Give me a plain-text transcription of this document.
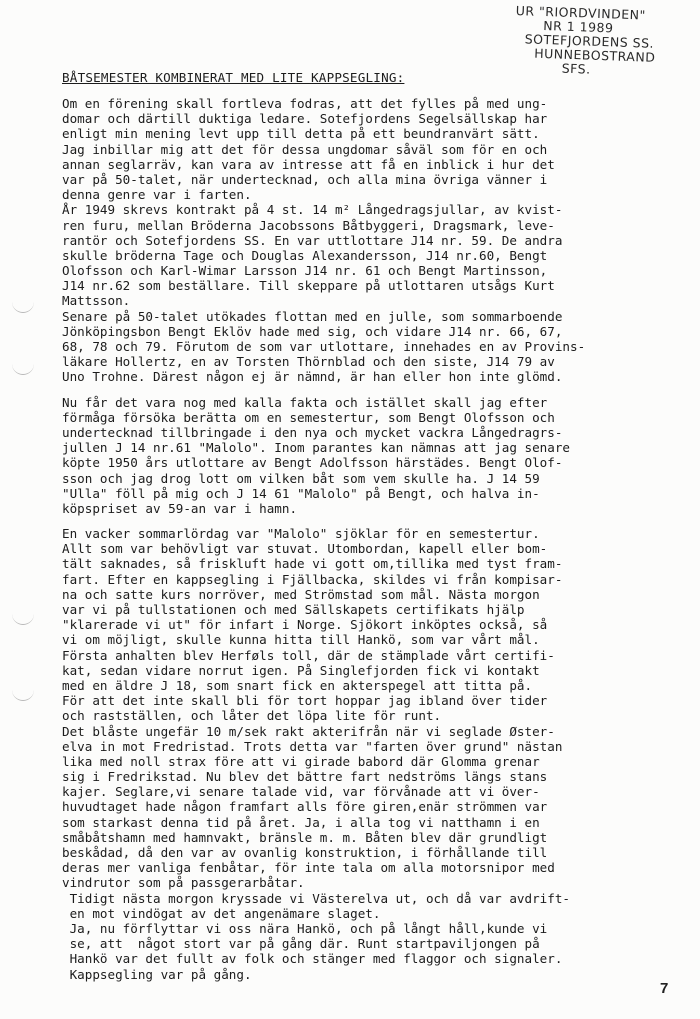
UR "RIORDVINDEN"
NR 1 1989
SOTEFJORDENS SS.
HUNNEBOSTRAND
SFS.
BÅTSEMESTER KOMBINERAT MED LITE KAPPSEGLING:
Om en förening skall fortleva fodras, att det fylles på med ung-
domar och därtill duktiga ledare. Sotefjordens Segelsällskap har
enligt min mening levt upp till detta på ett beundranvärt sätt.
Jag inbillar mig att det för dessa ungdomar såväl som för en och
annan seglarräv, kan vara av intresse att få en inblick i hur det
var på 50-talet, när undertecknad, och alla mina övriga vänner i
denna genre var i farten.
År 1949 skrevs kontrakt på 4 st. 14 m² Långedragsjullar, av kvist-
ren furu, mellan Bröderna Jacobssons Båtbyggeri, Dragsmark, leve-
rantör och Sotefjordens SS. En var uttlottare J14 nr. 59. De andra
skulle bröderna Tage och Douglas Alexandersson, J14 nr.60, Bengt
Olofsson och Karl-Wimar Larsson J14 nr. 61 och Bengt Martinsson,
J14 nr.62 som beställare. Till skeppare på utlottaren utsågs Kurt
Mattsson.
Senare på 50-talet utökades flottan med en julle, som sommarboende
Jönköpingsbon Bengt Eklöv hade med sig, och vidare J14 nr. 66, 67,
68, 78 och 79. Förutom de som var utlottare, innehades en av Provins-
läkare Hollertz, en av Torsten Thörnblad och den siste, J14 79 av
Uno Trohne. Därest någon ej är nämnd, är han eller hon inte glömd.
Nu får det vara nog med kalla fakta och istället skall jag efter
förmåga försöka berätta om en semestertur, som Bengt Olofsson och
undertecknad tillbringade i den nya och mycket vackra Långedragrs-
jullen J 14 nr.61 "Malolo". Inom parantes kan nämnas att jag senare
köpte 1950 års utlottare av Bengt Adolfsson härstädes. Bengt Olof-
sson och jag drog lott om vilken båt som vem skulle ha. J 14 59
"Ulla" föll på mig och J 14 61 "Malolo" på Bengt, och halva in-
köpspriset av 59-an var i hamn.
En vacker sommarlördag var "Malolo" sjöklar för en semestertur.
Allt som var behövligt var stuvat. Utombordan, kapell eller bom-
tält saknades, så friskluft hade vi gott om,tillika med tyst fram-
fart. Efter en kappsegling i Fjällbacka, skildes vi från kompisar-
na och satte kurs norröver, med Strömstad som mål. Nästa morgon
var vi på tullstationen och med Sällskapets certifikats hjälp
"klarerade vi ut" för infart i Norge. Sjökort inköptes också, så
vi om möjligt, skulle kunna hitta till Hankö, som var vårt mål.
Första anhalten blev Herføls toll, där de stämplade vårt certifi-
kat, sedan vidare norrut igen. På Singlefjorden fick vi kontakt
med en äldre J 18, som snart fick en akterspegel att titta på.
För att det inte skall bli för tort hoppar jag ibland över tider
och rastställen, och låter det löpa lite för runt.
Det blåste ungefär 10 m/sek rakt akterifrån när vi seglade Øster-
elva in mot Fredristad. Trots detta var "farten över grund" nästan
lika med noll strax före att vi girade babord där Glomma grenar
sig i Fredrikstad. Nu blev det bättre fart nedströms längs stans
kajer. Seglare,vi senare talade vid, var förvånade att vi över-
huvudtaget hade någon framfart alls före giren,enär strömmen var
som starkast denna tid på året. Ja, i alla tog vi natthamn i en
småbåtshamn med hamnvakt, bränsle m. m. Båten blev där grundligt
beskådad, då den var av ovanlig konstruktion, i förhållande till
deras mer vanliga fenbåtar, för inte tala om alla motorsnipor med
vindrutor som på passgerarbåtar.
Tidigt nästa morgon kryssade vi Västerelva ut, och då var avdrift-
en mot vindögat av det angenämare slaget.
Ja, nu förflyttar vi oss nära Hankö, och på långt håll,kunde vi
se, att  något stort var på gång där. Runt startpaviljongen på
Hankö var det fullt av folk och stänger med flaggor och signaler.
Kappsegling var på gång.
7
